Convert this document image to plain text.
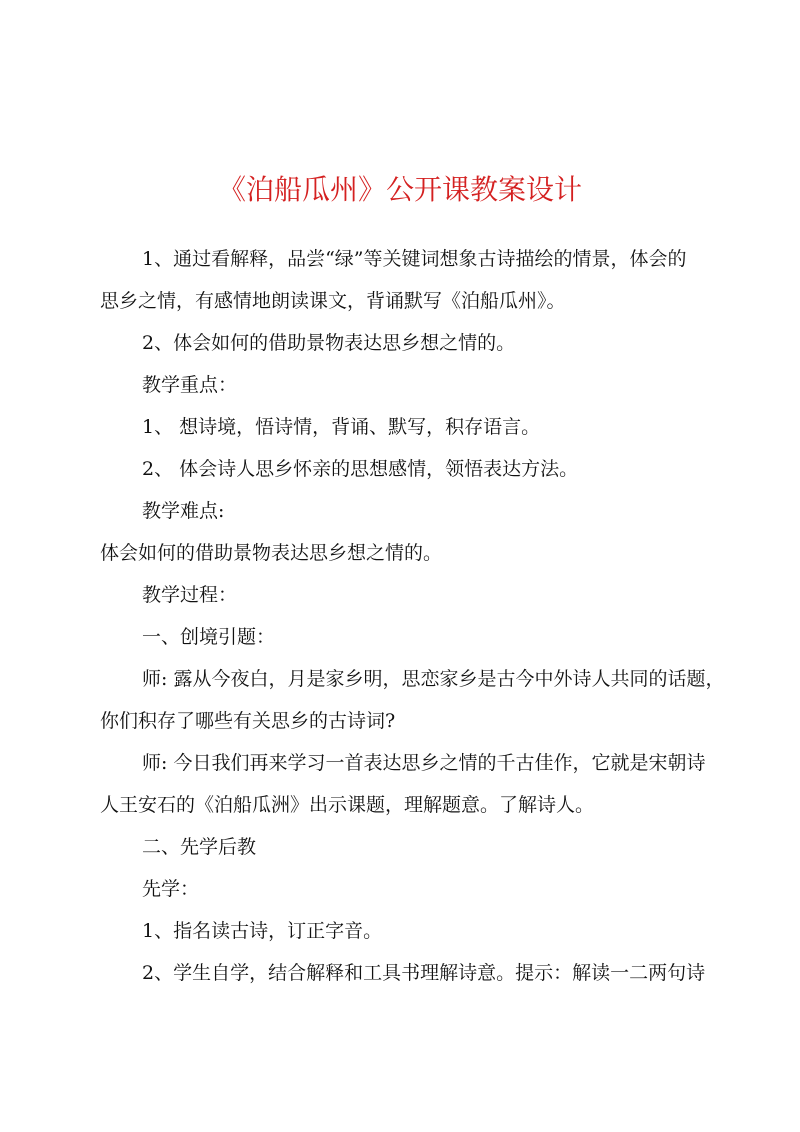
《泊船瓜州》公开课教案设计

1、通过看解释，品尝“绿”等关键词想象古诗描绘的情景，体会的

思乡之情，有感情地朗读课文，背诵默写《泊船瓜州》。

2、体会如何的借助景物表达思乡想之情的。

教学重点：

1、 想诗境，悟诗情，背诵、默写，积存语言。

2、 体会诗人思乡怀亲的思想感情，领悟表达方法。

教学难点:

体会如何的借助景物表达思乡想之情的。

教学过程：

一、创境引题：

师: 露从今夜白，月是家乡明，思恋家乡是古今中外诗人共同的话题，

你们积存了哪些有关思乡的古诗词?

师: 今日我们再来学习一首表达思乡之情的千古佳作，它就是宋朝诗

人王安石的《泊船瓜洲》出示课题，理解题意。了解诗人。

二、先学后教

先学：

1、指名读古诗，订正字音。

2、学生自学，结合解释和工具书理解诗意。提示：解读一二两句诗
